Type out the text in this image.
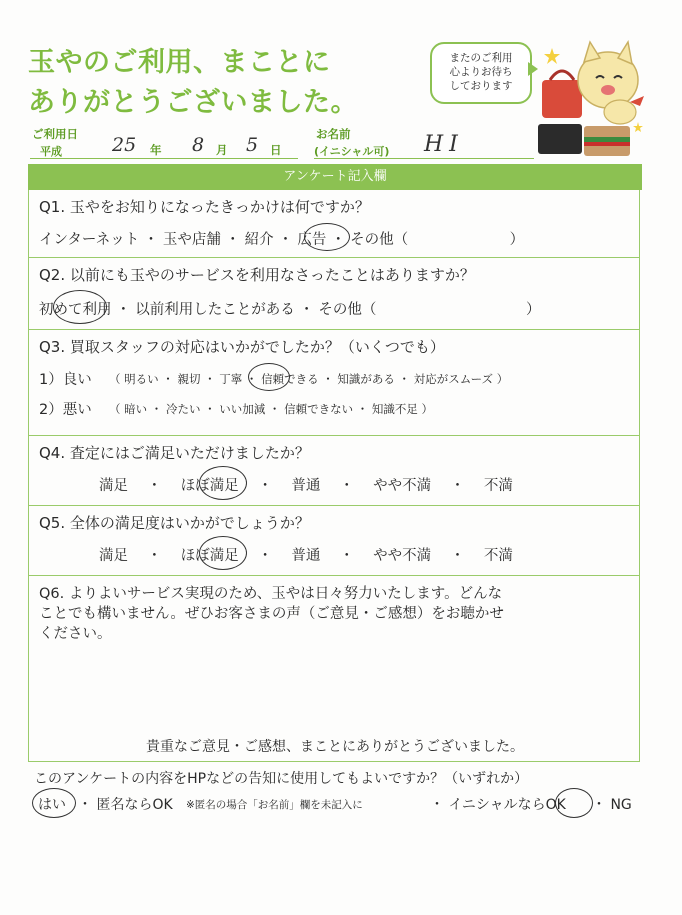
玉やのご利用、まことに
ありがとうございました。
またのご利用
心よりお待ち
しております
ご利用日
平成	25 年 8 月 5 日
お名前
(イニシャル可) HI
アンケート記入欄
Q1. 玉やをお知りになったきっかけは何ですか？
インターネット ・ 玉や店舗 ・ 紹介 ・ 広告 ・ その他（　　　　　　　）
Q2. 以前にも玉やのサービスを利用なさったことはありますか？
初めて利用 ・ 以前利用したことがある ・ その他（　　　　　　　　　　 ）
Q3. 買取スタッフの対応はいかがでしたか？（いくつでも）
1）良い （ 明るい ・ 親切 ・ 丁寧 ・ 信頼できる ・ 知識がある ・ 対応がスムーズ ）
2）悪い （ 暗い ・ 冷たい ・ いい加減 ・ 信頼できない ・ 知識不足 ）
Q4. 査定にはご満足いただけましたか？
満足　 ・　 ほぼ満足　 ・　 普通　 ・　 やや不満　 ・　 不満
Q5. 全体の満足度はいかがでしょうか？
満足　 ・　 ほぼ満足　 ・　 普通　 ・　 やや不満　 ・　 不満
Q6. よりよいサービス実現のため、玉やは日々努力いたします。どんな
ことでも構いません。ぜひお客さまの声（ご意見・ご感想）をお聴かせ
ください。
貴重なご意見・ご感想、まことにありがとうございました。
このアンケートの内容をHPなどの告知に使用してもよいですか？（いずれか）
はい ・ 匿名ならOK ※匿名の場合「お名前」欄を未記入に	・ イニシャルならOK ・ NG
